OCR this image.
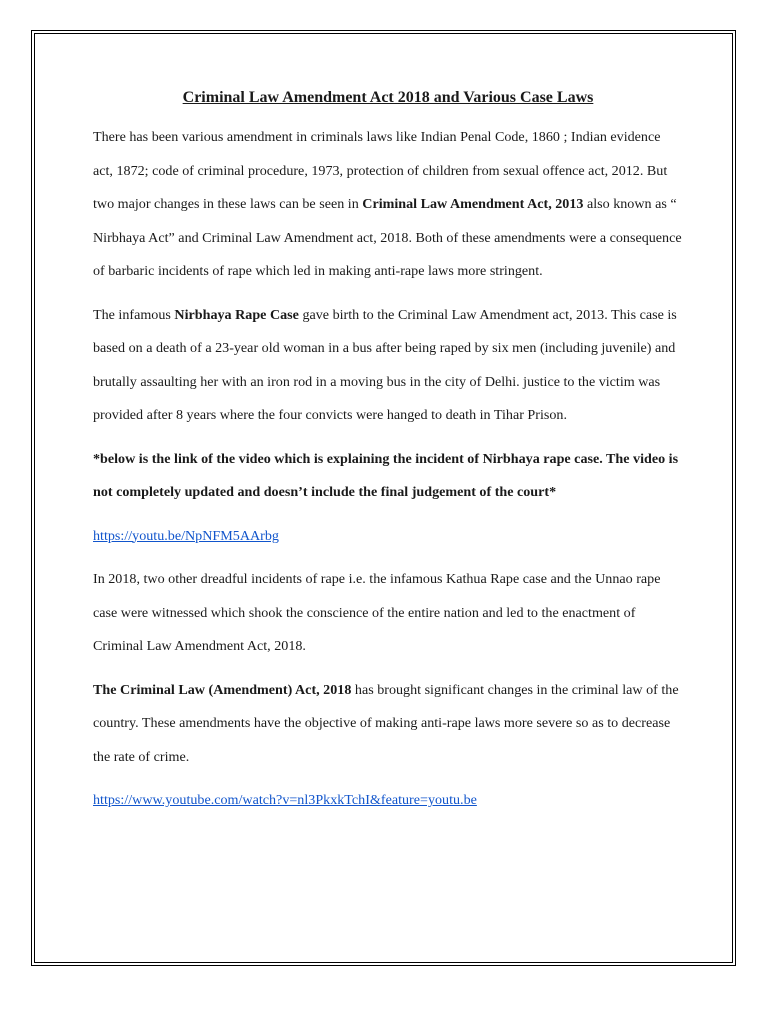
Criminal Law Amendment Act 2018 and Various Case Laws

There has been various amendment in criminals laws like Indian Penal Code, 1860 ; Indian evidence act, 1872; code of criminal procedure, 1973, protection of children from sexual offence act, 2012. But two major changes in these laws can be seen in Criminal Law Amendment Act, 2013 also known as “ Nirbhaya Act” and Criminal Law Amendment act, 2018. Both of these amendments were a consequence of barbaric incidents of rape which led in making anti-rape laws more stringent.

The infamous Nirbhaya Rape Case gave birth to the Criminal Law Amendment act, 2013. This case is based on a death of a 23-year old woman in a bus after being raped by six men (including juvenile) and brutally assaulting her with an iron rod in a moving bus in the city of Delhi. justice to the victim was provided after 8 years where the four convicts were hanged to death in Tihar Prison.

*below is the link of the video which is explaining the incident of Nirbhaya rape case. The video is not completely updated and doesn’t include the final judgement of the court*

https://youtu.be/NpNFM5AArbg

In 2018, two other dreadful incidents of rape i.e. the infamous Kathua Rape case and the Unnao rape case were witnessed which shook the conscience of the entire nation and led to the enactment of Criminal Law Amendment Act, 2018.

The Criminal Law (Amendment) Act, 2018 has brought significant changes in the criminal law of the country. These amendments have the objective of making anti-rape laws more severe so as to decrease the rate of crime.

https://www.youtube.com/watch?v=nl3PkxkTchI&feature=youtu.be
